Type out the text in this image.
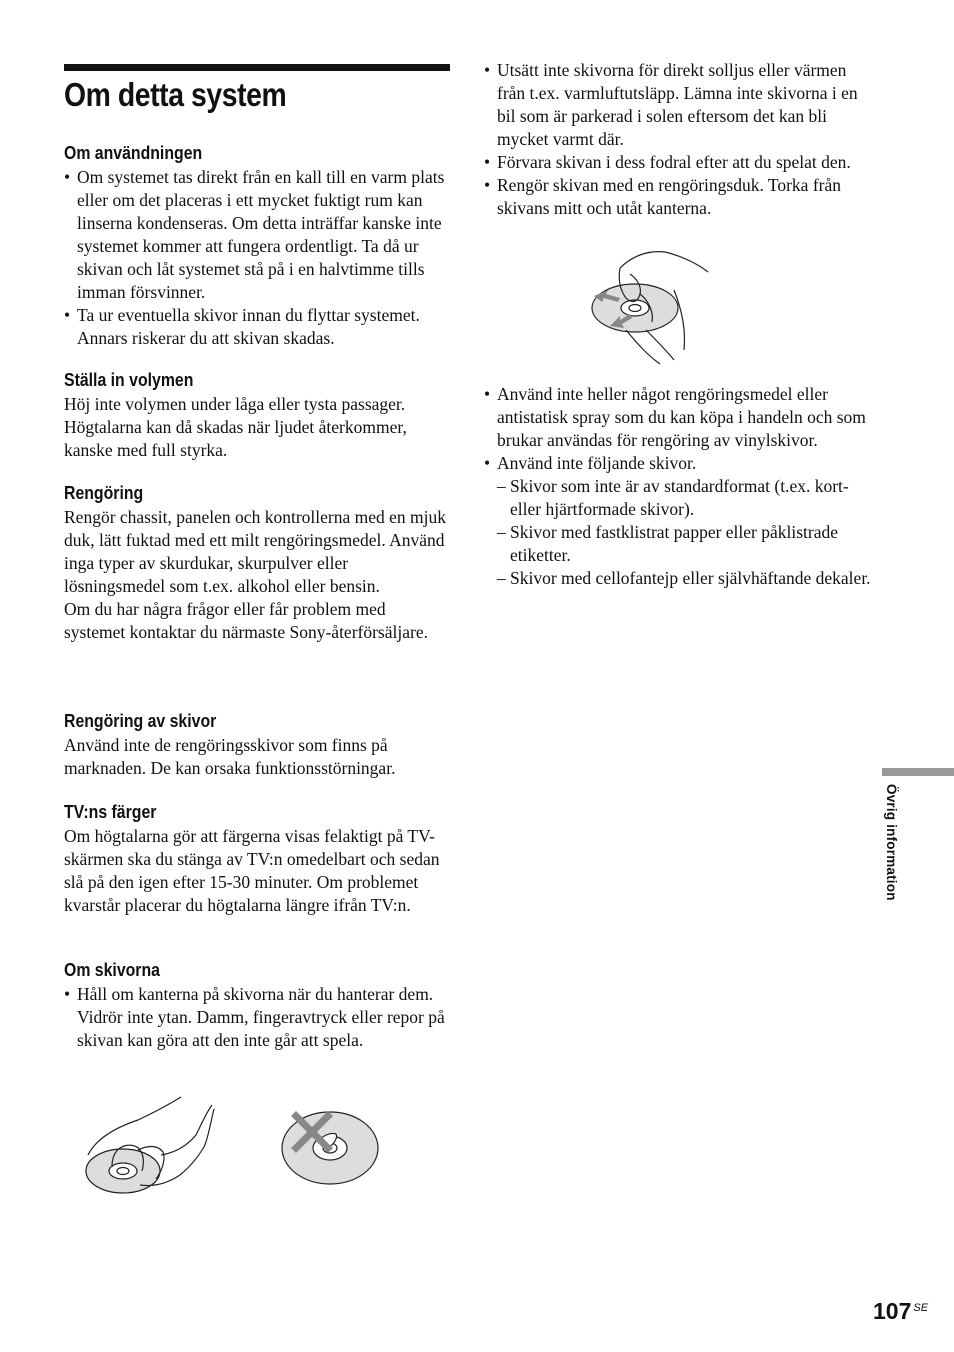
Om detta system
Om användningen
• Om systemet tas direkt från en kall till en varm plats eller om det placeras i ett mycket fuktigt rum kan linserna kondenseras. Om detta inträffar kanske inte systemet kommer att fungera ordentligt. Ta då ur skivan och låt systemet stå på i en halvtimme tills imman försvinner.
• Ta ur eventuella skivor innan du flyttar systemet. Annars riskerar du att skivan skadas.
Ställa in volymen

Höj inte volymen under låga eller tysta passager. Högtalarna kan då skadas när ljudet återkommer, kanske med full styrka.

Rengöring

Rengör chassit, panelen och kontrollerna med en mjuk duk, lätt fuktad med ett milt rengöringsmedel. Använd inga typer av skurdukar, skurpulver eller lösningsmedel som t.ex. alkohol eller bensin.

Om du har några frågor eller får problem med systemet kontaktar du närmaste Sony-återförsäljare.

Rengöring av skivor

Använd inte de rengöringsskivor som finns på marknaden. De kan orsaka funktionsstörningar.

TV:ns färger

Om högtalarna gör att färgerna visas felaktigt på TV-skärmen ska du stänga av TV:n omedelbart och sedan slå på den igen efter 15-30 minuter. Om problemet kvarstår placerar du högtalarna längre ifrån TV:n.

Om skivorna
• Håll om kanterna på skivorna när du hanterar dem. Vidrör inte ytan. Damm, fingeravtryck eller repor på skivan kan göra att den inte går att spela.
• Utsätt inte skivorna för direkt solljus eller värmen från t.ex. varmluftutsläpp. Lämna inte skivorna i en bil som är parkerad i solen eftersom det kan bli mycket varmt där.
• Förvara skivan i dess fodral efter att du spelat den.
• Rengör skivan med en rengöringsduk. Torka från skivans mitt och utåt kanterna.
• Använd inte heller något rengöringsmedel eller antistatisk spray som du kan köpa i handeln och som brukar användas för rengöring av vinylskivor.
• Använd inte följande skivor.
– Skivor som inte är av standardformat (t.ex. kort- eller hjärtformade skivor).
– Skivor med fastklistrat papper eller påklistrade etiketter.
– Skivor med cellofantejp eller självhäftande dekaler.
Övrig information
107 $^{SE}$
